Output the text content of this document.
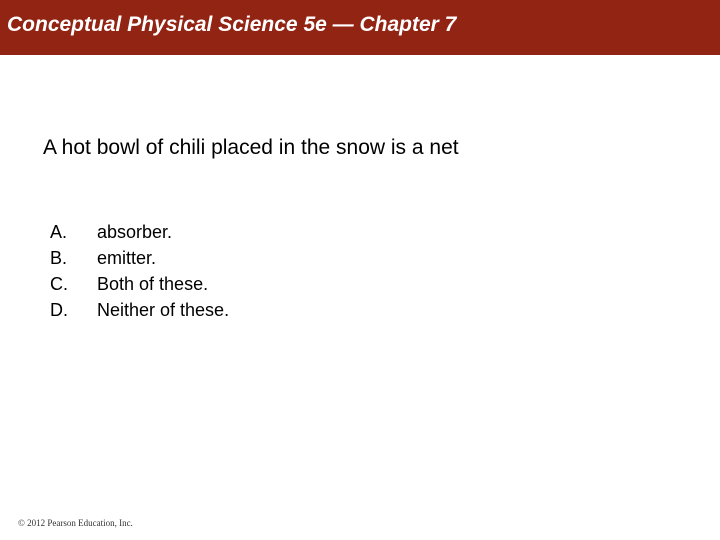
Conceptual Physical Science 5e — Chapter 7
A hot bowl of chili placed in the snow is a net
A.	absorber.
B.	emitter.
C.	Both of these.
D.	Neither of these.
© 2012 Pearson Education, Inc.
